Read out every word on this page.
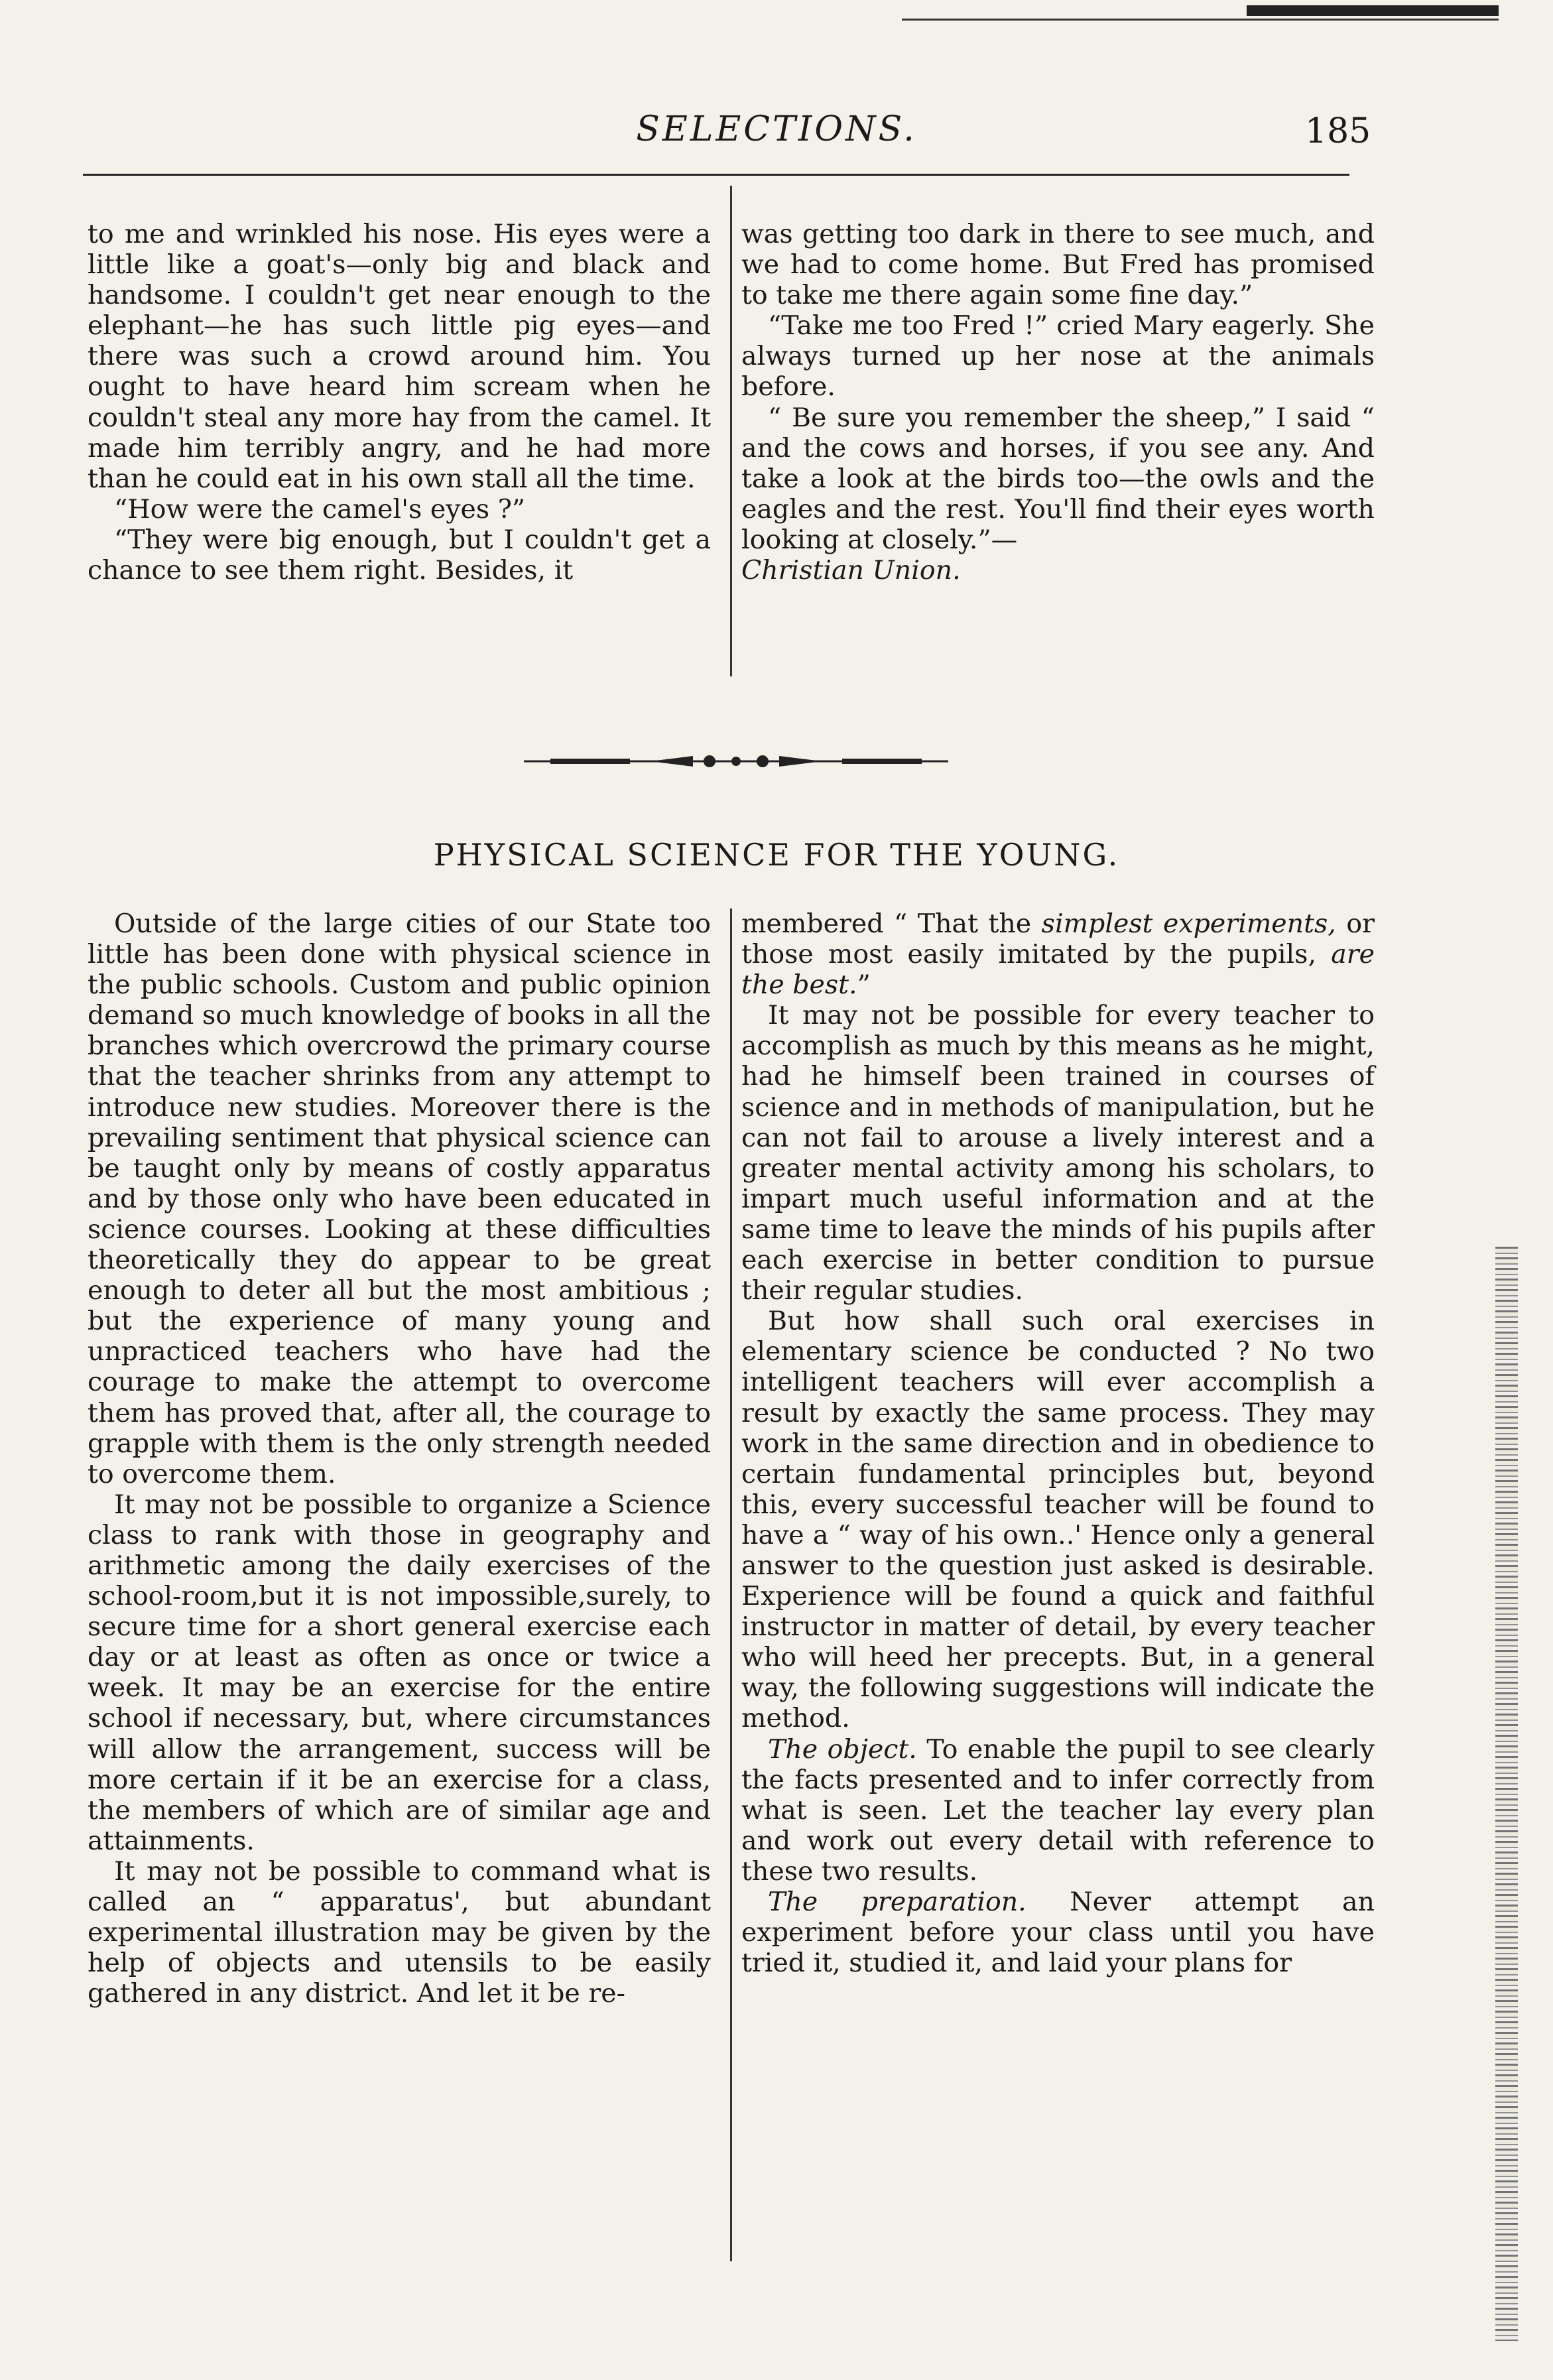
SELECTIONS.	185

to me and wrinkled his nose. His eyes were a little like a goat's—only big and black and handsome. I couldn't get near enough to the elephant—he has such little pig eyes—and there was such a crowd around him. You ought to have heard him scream when he couldn't steal any more hay from the camel. It made him terribly angry, and he had more than he could eat in his own stall all the time.

“How were the camel's eyes ?”

“They were big enough, but I couldn't get a chance to see them right. Besides, it

was getting too dark in there to see much, and we had to come home. But Fred has promised to take me there again some fine day.”

“Take me too Fred !” cried Mary eagerly. She always turned up her nose at the animals before.

“ Be sure you remember the sheep,” I said “ and the cows and horses, if you see any. And take a look at the birds too—the owls and the eagles and the rest. You'll find their eyes worth looking at closely.”—

Christian Union.

PHYSICAL SCIENCE FOR THE YOUNG.

Outside of the large cities of our State too little has been done with physical science in the public schools. Custom and public opinion demand so much knowledge of books in all the branches which overcrowd the primary course that the teacher shrinks from any attempt to introduce new studies. Moreover there is the prevailing sentiment that physical science can be taught only by means of costly apparatus and by those only who have been educated in science courses. Looking at these difficulties theoretically they do appear to be great enough to deter all but the most ambitious ; but the experience of many young and unpracticed teachers who have had the courage to make the attempt to overcome them has proved that, after all, the courage to grapple with them is the only strength needed to overcome them.

It may not be possible to organize a Science class to rank with those in geography and arithmetic among the daily exercises of the school-room,but it is not impossible,surely, to secure time for a short general exercise each day or at least as often as once or twice a week. It may be an exercise for the entire school if necessary, but, where circumstances will allow the arrangement, success will be more certain if it be an exercise for a class, the members of which are of similar age and attainments.

It may not be possible to command what is called an “ apparatus', but abundant experimental illustration may be given by the help of objects and utensils to be easily gathered in any district. And let it be re-

membered “ That the simplest experiments, or those most easily imitated by the pupils, are the best.”

It may not be possible for every teacher to accomplish as much by this means as he might, had he himself been trained in courses of science and in methods of manipulation, but he can not fail to arouse a lively interest and a greater mental activity among his scholars, to impart much useful information and at the same time to leave the minds of his pupils after each exercise in better condition to pursue their regular studies.

But how shall such oral exercises in elementary science be conducted ? No two intelligent teachers will ever accomplish a result by exactly the same process. They may work in the same direction and in obedience to certain fundamental principles but, beyond this, every successful teacher will be found to have a “ way of his own..' Hence only a general answer to the question just asked is desirable. Experience will be found a quick and faithful instructor in matter of detail, by every teacher who will heed her precepts. But, in a general way, the following suggestions will indicate the method.

The object. To enable the pupil to see clearly the facts presented and to infer correctly from what is seen. Let the teacher lay every plan and work out every detail with reference to these two results.

The preparation. Never attempt an experiment before your class until you have tried it, studied it, and laid your plans for
